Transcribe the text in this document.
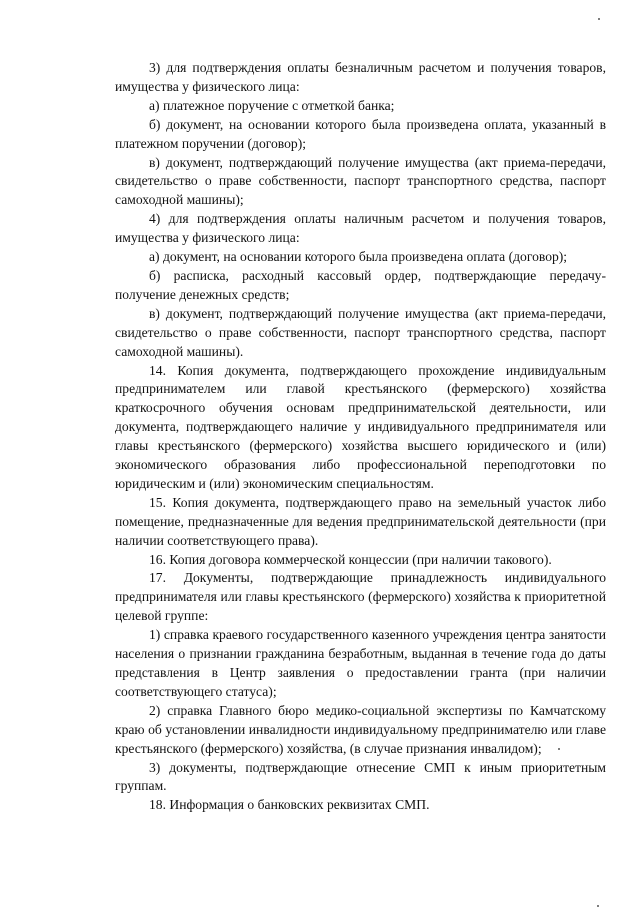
3) для подтверждения оплаты безналичным расчетом и получения товаров, имущества у физического лица:

а) платежное поручение с отметкой банка;

б) документ, на основании которого была произведена оплата, указанный в платежном поручении (договор);

в) документ, подтверждающий получение имущества (акт приема-передачи, свидетельство о праве собственности, паспорт транспортного средства, паспорт самоходной машины);

4) для подтверждения оплаты наличным расчетом и получения товаров, имущества у физического лица:

а) документ, на основании которого была произведена оплата (договор);

б) расписка, расходный кассовый ордер, подтверждающие передачу-получение денежных средств;

в) документ, подтверждающий получение имущества (акт приема-передачи, свидетельство о праве собственности, паспорт транспортного средства, паспорт самоходной машины).

14. Копия документа, подтверждающего прохождение индивидуальным предпринимателем или главой крестьянского (фермерского) хозяйства краткосрочного обучения основам предпринимательской деятельности, или документа, подтверждающего наличие у индивидуального предпринимателя или главы крестьянского (фермерского) хозяйства высшего юридического и (или) экономического образования либо профессиональной переподготовки по юридическим и (или) экономическим специальностям.

15. Копия документа, подтверждающего право на земельный участок либо помещение, предназначенные для ведения предпринимательской деятельности (при наличии соответствующего права).

16. Копия договора коммерческой концессии (при наличии такового).

17. Документы, подтверждающие принадлежность индивидуального предпринимателя или главы крестьянского (фермерского) хозяйства к приоритетной целевой группе:

1) справка краевого государственного казенного учреждения центра занятости населения о признании гражданина безработным, выданная в течение года до даты представления в Центр заявления о предоставлении гранта (при наличии соответствующего статуса);

2) справка Главного бюро медико-социальной экспертизы по Камчатскому краю об установлении инвалидности индивидуальному предпринимателю или главе крестьянского (фермерского) хозяйства, (в случае признания инвалидом);

3) документы, подтверждающие отнесение СМП к иным приоритетным группам.

18. Информация о банковских реквизитах СМП.
